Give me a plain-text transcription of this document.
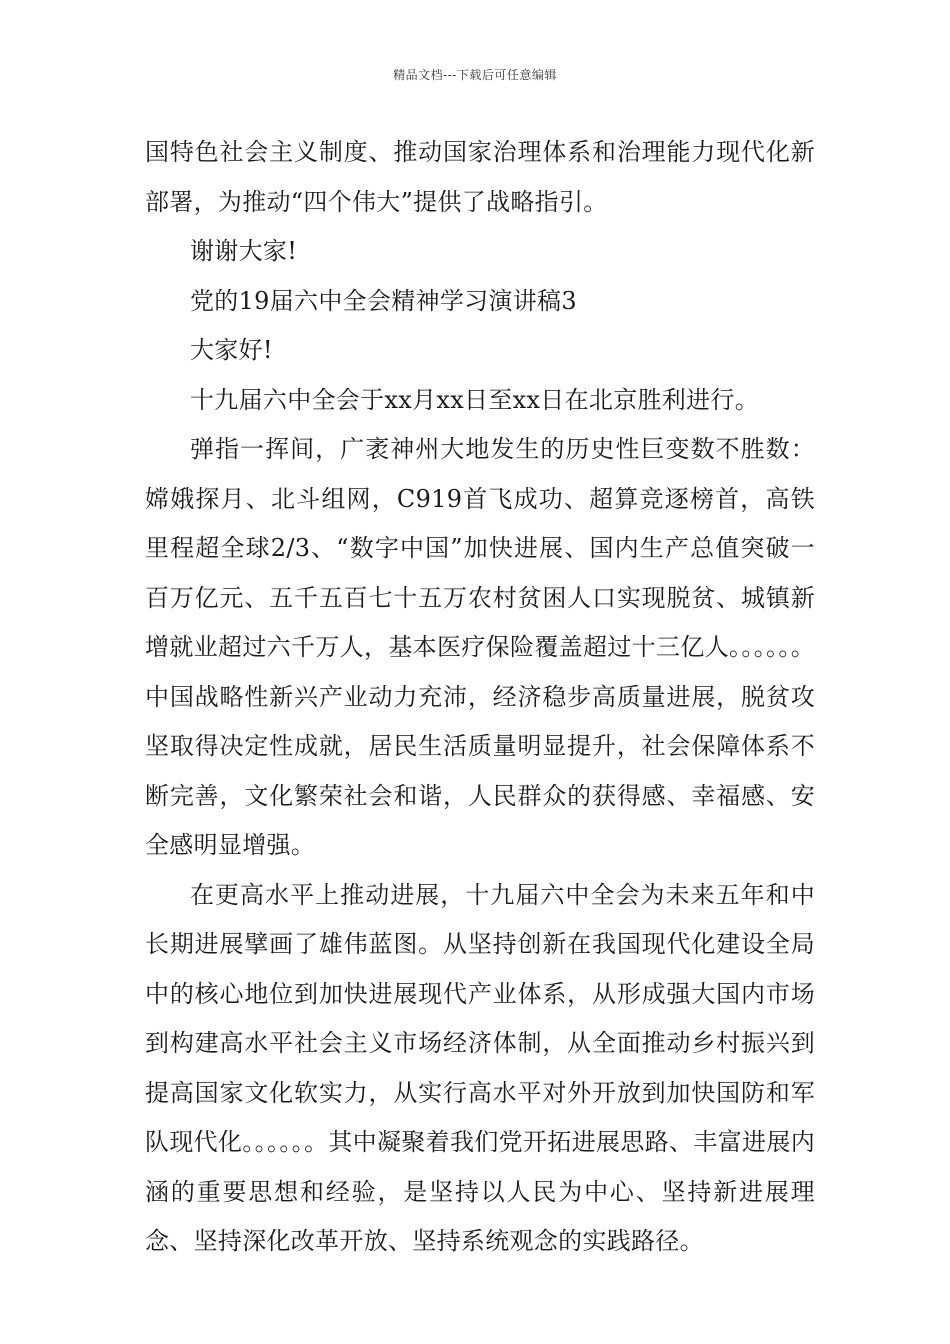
精品文档---下载后可任意编辑

国特色社会主义制度、推动国家治理体系和治理能力现代化新部署，为推动“四个伟大”提供了战略指引。

谢谢大家!

党的19届六中全会精神学习演讲稿3

大家好!

十九届六中全会于xx月xx日至xx日在北京胜利进行。

弹指一挥间，广袤神州大地发生的历史性巨变数不胜数：嫦娥探月、北斗组网，C919首飞成功、超算竞逐榜首，高铁里程超全球2/3、“数字中国”加快进展、国内生产总值突破一百万亿元、五千五百七十五万农村贫困人口实现脱贫、城镇新增就业超过六千万人，基本医疗保险覆盖超过十三亿人。。。。。。中国战略性新兴产业动力充沛，经济稳步高质量进展，脱贫攻坚取得决定性成就，居民生活质量明显提升，社会保障体系不断完善，文化繁荣社会和谐，人民群众的获得感、幸福感、安全感明显增强。

在更高水平上推动进展，十九届六中全会为未来五年和中长期进展擘画了雄伟蓝图。从坚持创新在我国现代化建设全局中的核心地位到加快进展现代产业体系，从形成强大国内市场到构建高水平社会主义市场经济体制，从全面推动乡村振兴到提高国家文化软实力，从实行高水平对外开放到加快国防和军队现代化。。。。。。其中凝聚着我们党开拓进展思路、丰富进展内涵的重要思想和经验，是坚持以人民为中心、坚持新进展理念、坚持深化改革开放、坚持系统观念的实践路径。
